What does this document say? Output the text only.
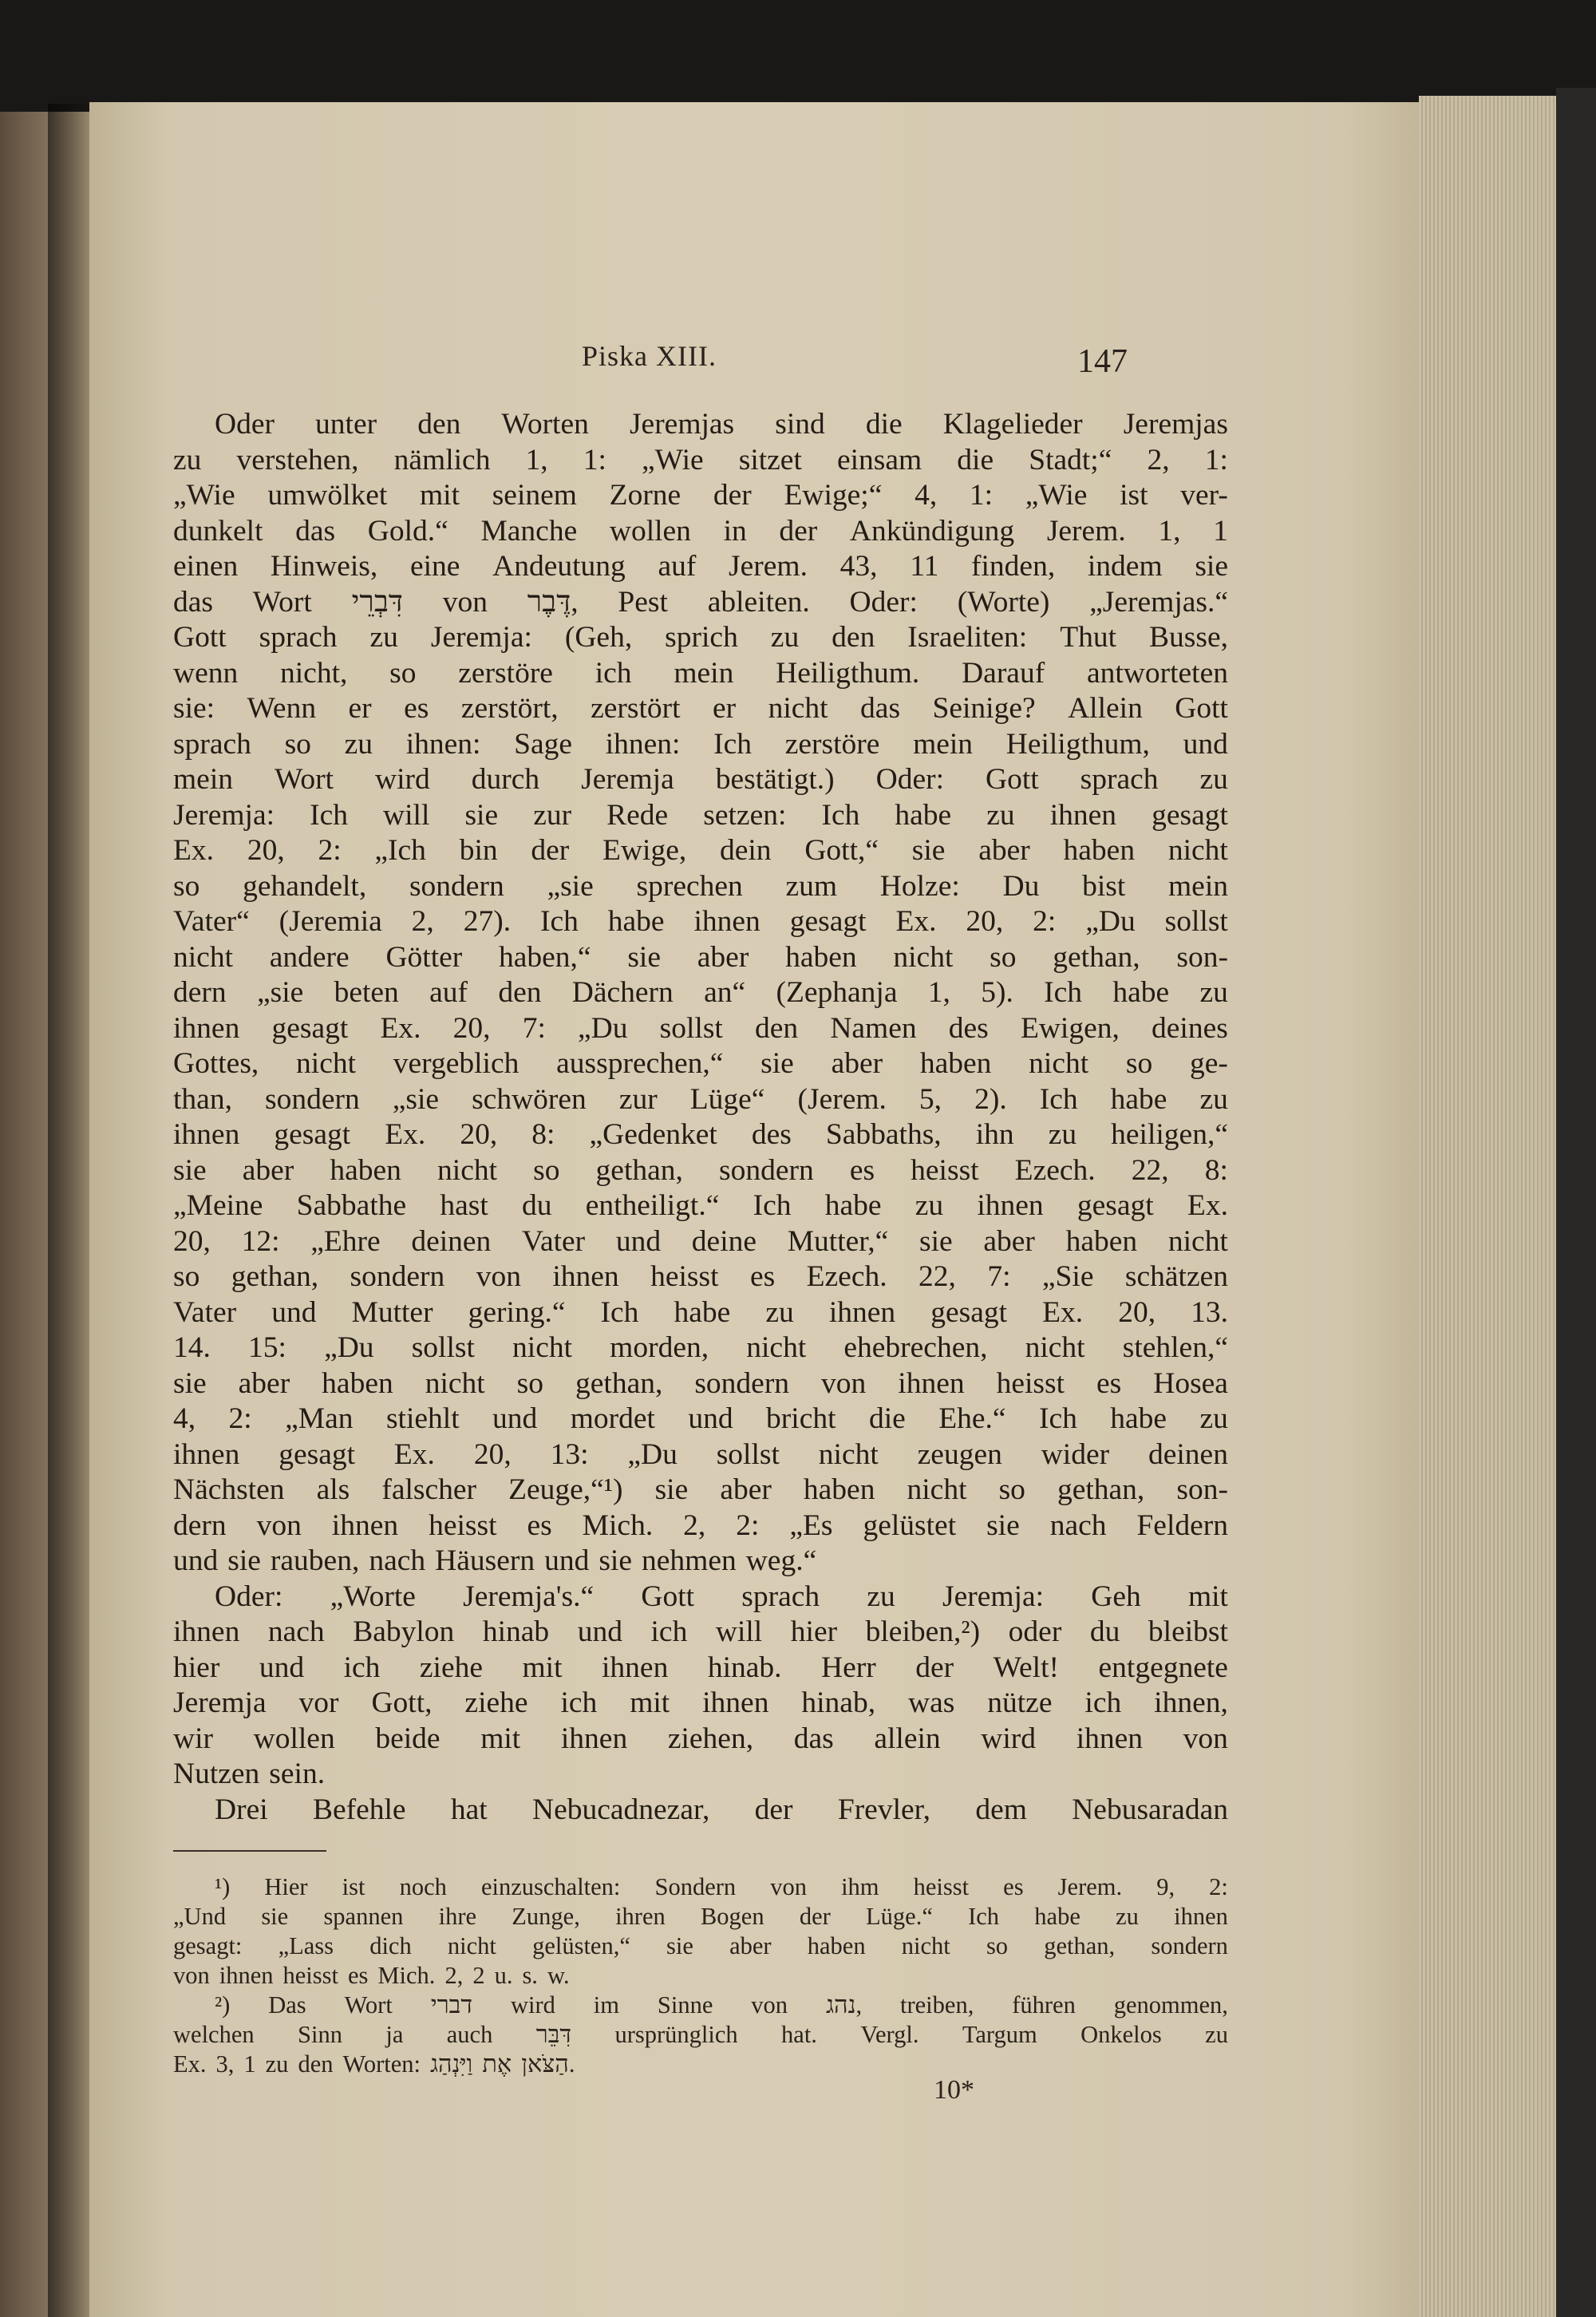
Piska XIII.	147
Oder unter den Worten Jeremjas sind die Klagelieder Jeremjas
zu verstehen, nämlich 1, 1: „Wie sitzet einsam die Stadt;“ 2, 1:
„Wie umwölket mit seinem Zorne der Ewige;“ 4, 1: „Wie ist ver-
dunkelt das Gold.“ Manche wollen in der Ankündigung Jerem. 1, 1
einen Hinweis, eine Andeutung auf Jerem. 43, 11 finden, indem sie
das Wort דִּבְרֵי von דֶּבֶר, Pest ableiten. Oder: (Worte) „Jeremjas.“
Gott sprach zu Jeremja: (Geh, sprich zu den Israeliten: Thut Busse,
wenn nicht, so zerstöre ich mein Heiligthum. Darauf antworteten
sie: Wenn er es zerstört, zerstört er nicht das Seinige? Allein Gott
sprach so zu ihnen: Sage ihnen: Ich zerstöre mein Heiligthum, und
mein Wort wird durch Jeremja bestätigt.) Oder: Gott sprach zu
Jeremja: Ich will sie zur Rede setzen: Ich habe zu ihnen gesagt
Ex. 20, 2: „Ich bin der Ewige, dein Gott,“ sie aber haben nicht
so gehandelt, sondern „sie sprechen zum Holze: Du bist mein
Vater“ (Jeremia 2, 27). Ich habe ihnen gesagt Ex. 20, 2: „Du sollst
nicht andere Götter haben,“ sie aber haben nicht so gethan, son-
dern „sie beten auf den Dächern an“ (Zephanja 1, 5). Ich habe zu
ihnen gesagt Ex. 20, 7: „Du sollst den Namen des Ewigen, deines
Gottes, nicht vergeblich aussprechen,“ sie aber haben nicht so ge-
than, sondern „sie schwören zur Lüge“ (Jerem. 5, 2). Ich habe zu
ihnen gesagt Ex. 20, 8: „Gedenket des Sabbaths, ihn zu heiligen,“
sie aber haben nicht so gethan, sondern es heisst Ezech. 22, 8:
„Meine Sabbathe hast du entheiligt.“ Ich habe zu ihnen gesagt Ex.
20, 12: „Ehre deinen Vater und deine Mutter,“ sie aber haben nicht
so gethan, sondern von ihnen heisst es Ezech. 22, 7: „Sie schätzen
Vater und Mutter gering.“ Ich habe zu ihnen gesagt Ex. 20, 13.
14. 15: „Du sollst nicht morden, nicht ehebrechen, nicht stehlen,“
sie aber haben nicht so gethan, sondern von ihnen heisst es Hosea
4, 2: „Man stiehlt und mordet und bricht die Ehe.“ Ich habe zu
ihnen gesagt Ex. 20, 13: „Du sollst nicht zeugen wider deinen
Nächsten als falscher Zeuge,“¹) sie aber haben nicht so gethan, son-
dern von ihnen heisst es Mich. 2, 2: „Es gelüstet sie nach Feldern
und sie rauben, nach Häusern und sie nehmen weg.“
Oder: „Worte Jeremja's.“ Gott sprach zu Jeremja: Geh mit
ihnen nach Babylon hinab und ich will hier bleiben,²) oder du bleibst
hier und ich ziehe mit ihnen hinab. Herr der Welt! entgegnete
Jeremja vor Gott, ziehe ich mit ihnen hinab, was nütze ich ihnen,
wir wollen beide mit ihnen ziehen, das allein wird ihnen von
Nutzen sein.
Drei Befehle hat Nebucadnezar, der Frevler, dem Nebusaradan
¹) Hier ist noch einzuschalten: Sondern von ihm heisst es Jerem. 9, 2:
„Und sie spannen ihre Zunge, ihren Bogen der Lüge.“ Ich habe zu ihnen
gesagt: „Lass dich nicht gelüsten,“ sie aber haben nicht so gethan, sondern
von ihnen heisst es Mich. 2, 2 u. s. w.
²) Das Wort דברי wird im Sinne von נהג, treiben, führen genommen,
welchen Sinn ja auch דִּבֵּר ursprünglich hat. Vergl. Targum Onkelos zu
Ex. 3, 1 zu den Worten: וַיִּנְהַג אֶת הַצֹּאן.
10*
